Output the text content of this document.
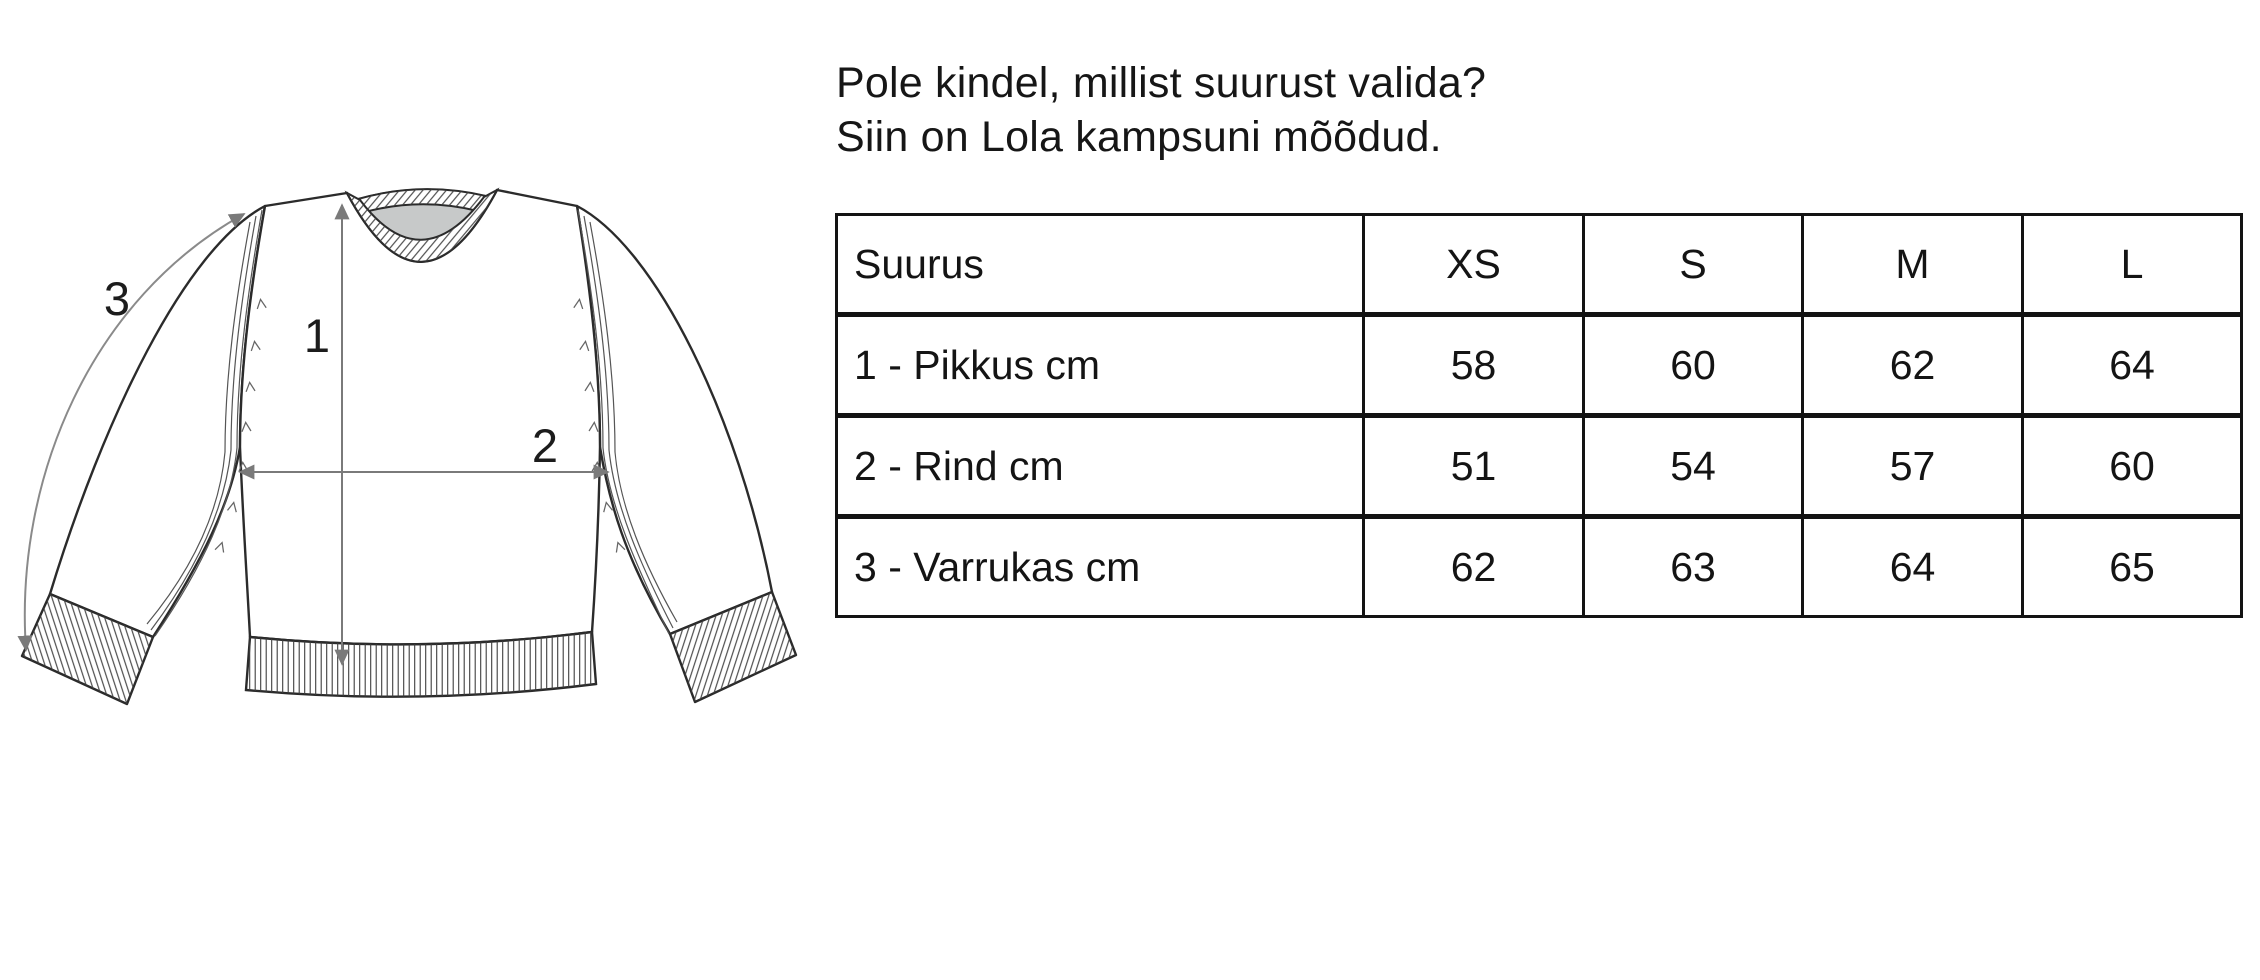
1
2
3
Pole kindel, millist suurust valida?
Siin on Lola kampsuni mõõdud.
Suurus	XS	S	M	L
1 - Pikkus cm	58	60	62	64
2 - Rind cm	51	54	57	60
3 - Varrukas cm	62	63	64	65
